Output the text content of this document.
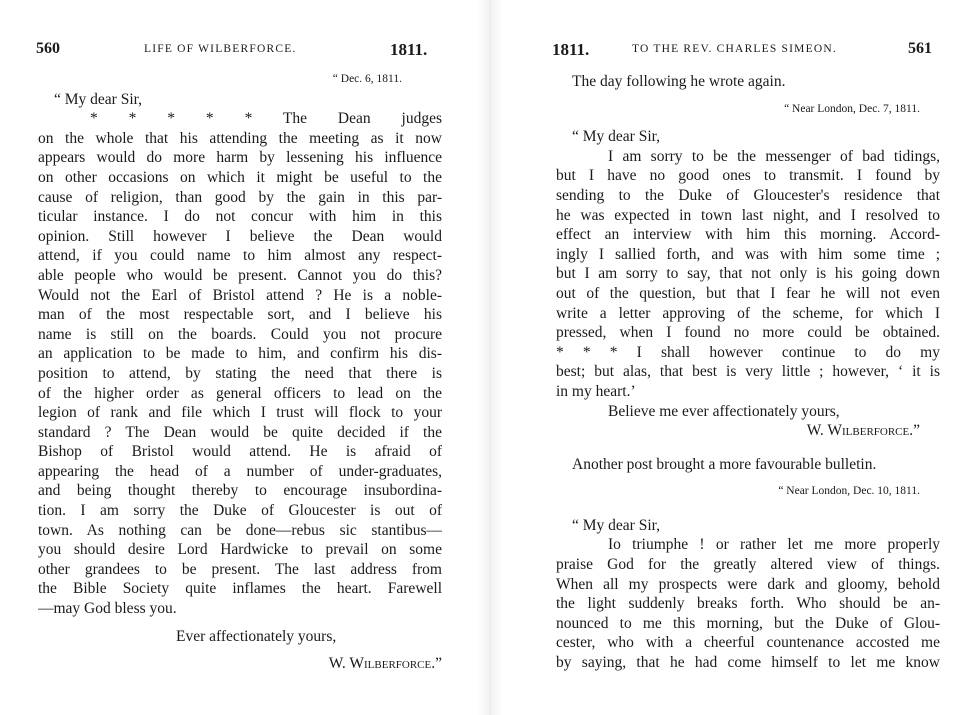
560	LIFE OF WILBERFORCE.	1811.
“ Dec. 6, 1811.
“ My dear Sir,
* * * * * The Dean judges
on the whole that his attending the meeting as it now
appears would do more harm by lessening his influence
on other occasions on which it might be useful to the
cause of religion, than good by the gain in this par-
ticular instance. I do not concur with him in this
opinion. Still however I believe the Dean would
attend, if you could name to him almost any respect-
able people who would be present. Cannot you do this?
Would not the Earl of Bristol attend ? He is a noble-
man of the most respectable sort, and I believe his
name is still on the boards. Could you not procure
an application to be made to him, and confirm his dis-
position to attend, by stating the need that there is
of the higher order as general officers to lead on the
legion of rank and file which I trust will flock to your
standard ? The Dean would be quite decided if the
Bishop of Bristol would attend. He is afraid of
appearing the head of a number of under-graduates,
and being thought thereby to encourage insubordina-
tion. I am sorry the Duke of Gloucester is out of
town. As nothing can be done—rebus sic stantibus—
you should desire Lord Hardwicke to prevail on some
other grandees to be present. The last address from
the Bible Society quite inflames the heart. Farewell
—may God bless you.
Ever affectionately yours,
W. Wilberforce.”
1811.	TO THE REV. CHARLES SIMEON.	561
The day following he wrote again.
“ Near London, Dec. 7, 1811.
“ My dear Sir,
I am sorry to be the messenger of bad tidings,
but I have no good ones to transmit. I found by
sending to the Duke of Gloucester's residence that
he was expected in town last night, and I resolved to
effect an interview with him this morning. Accord-
ingly I sallied forth, and was with him some time ;
but I am sorry to say, that not only is his going down
out of the question, but that I fear he will not even
write a letter approving of the scheme, for which I
pressed, when I found no more could be obtained.
* * * I shall however continue to do my
best; but alas, that best is very little ; however, ‘ it is
in my heart.’
Believe me ever affectionately yours,
W. Wilberforce.”
Another post brought a more favourable bulletin.
“ Near London, Dec. 10, 1811.
“ My dear Sir,
Io triumphe ! or rather let me more properly
praise God for the greatly altered view of things.
When all my prospects were dark and gloomy, behold
the light suddenly breaks forth. Who should be an-
nounced to me this morning, but the Duke of Glou-
cester, who with a cheerful countenance accosted me
by saying, that he had come himself to let me know
